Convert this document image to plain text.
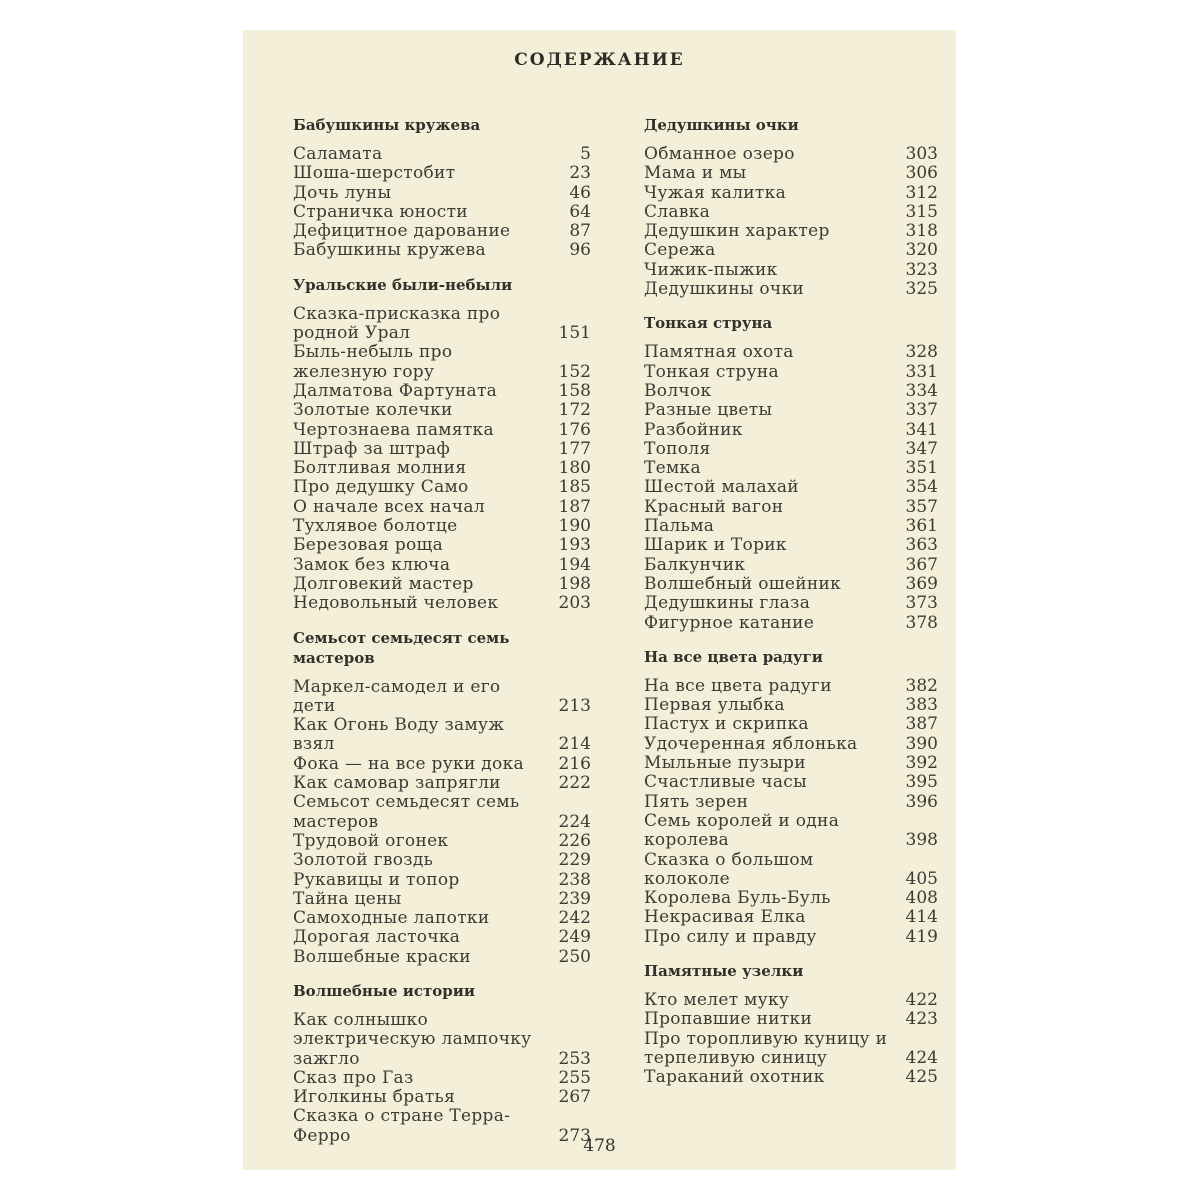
СОДЕРЖАНИЕ
Бабушкины кружева
Саламата	5
Шоша-шерстобит	23
Дочь луны	46
Страничка юности	64
Дефицитное дарование	87
Бабушкины кружева	96
Уральские были-небыли
Сказка-присказка про родной Урал	151
Быль-небыль про железную гору	152
Далматова Фартуната	158
Золотые колечки	172
Чертознаева памятка	176
Штраф за штраф	177
Болтливая молния	180
Про дедушку Само	185
О начале всех начал	187
Тухлявое болотце	190
Березовая роща	193
Замок без ключа	194
Долговекий мастер	198
Недовольный человек	203
Семьсот семьдесят семь мастеров
Маркел-самодел и его дети	213
Как Огонь Воду замуж взял	214
Фока — на все руки дока	216
Как самовар запрягли	222
Семьсот семьдесят семь мастеров	224
Трудовой огонек	226
Золотой гвоздь	229
Рукавицы и топор	238
Тайна цены	239
Самоходные лапотки	242
Дорогая ласточка	249
Волшебные краски	250
Волшебные истории
Как солнышко электрическую лампочку зажгло	253
Сказ про Газ	255
Иголкины братья	267
Сказка о стране Терра-Ферро	273
Дедушкины очки
Обманное озеро	303
Мама и мы	306
Чужая калитка	312
Славка	315
Дедушкин характер	318
Сережа	320
Чижик-пыжик	323
Дедушкины очки	325
Тонкая струна
Памятная охота	328
Тонкая струна	331
Волчок	334
Разные цветы	337
Разбойник	341
Тополя	347
Темка	351
Шестой малахай	354
Красный вагон	357
Пальма	361
Шарик и Торик	363
Балкунчик	367
Волшебный ошейник	369
Дедушкины глаза	373
Фигурное катание	378
На все цвета радуги
На все цвета радуги	382
Первая улыбка	383
Пастух и скрипка	387
Удочеренная яблонька	390
Мыльные пузыри	392
Счастливые часы	395
Пять зерен	396
Семь королей и одна королева	398
Сказка о большом колоколе	405
Королева Буль-Буль	408
Некрасивая Елка	414
Про силу и правду	419
Памятные узелки
Кто мелет муку	422
Пропавшие нитки	423
Про торопливую куницу и терпеливую синицу	424
Тараканий охотник	425
478
